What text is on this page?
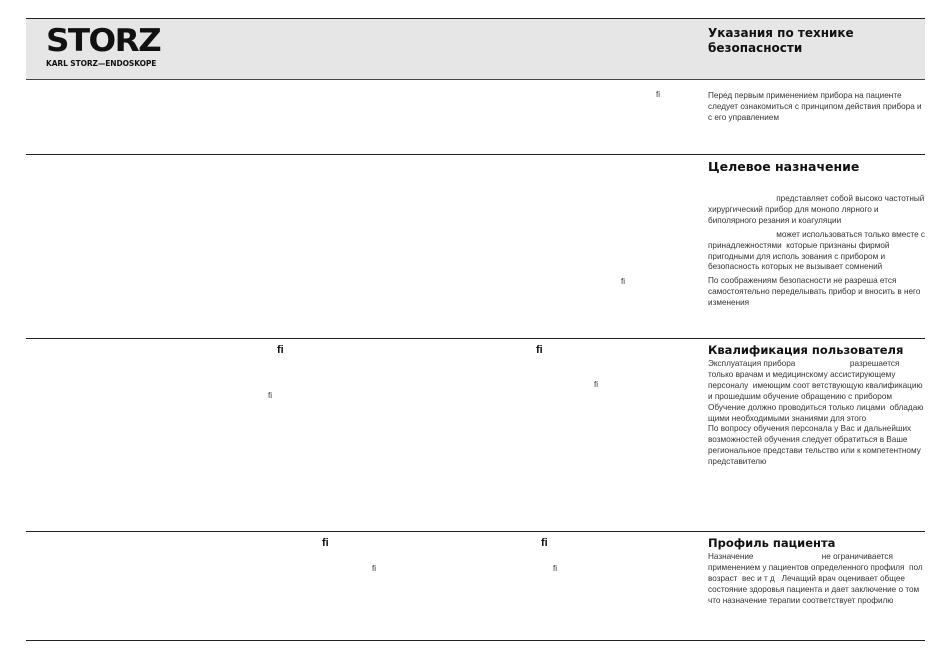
STORZ
KARL STORZ—ENDOSKOPE
Указания по технике безопасности

Перед первым применением прибора на пациенте следует ознакомиться с принципом действия прибора и с его управлением

fi
Целевое назначение

представляет собой высоко частотный хирургический прибор для монопо лярного и биполярного резания и коагуляции

может использоваться только вместе с принадлежностями  которые признаны фирмой                     пригодными для исполь зования с прибором и безопасность которых не вызывает сомнений

По соображениям безопасности не разреша ется самостоятельно переделывать прибор и вносить в него изменения

fi
Квалификация пользователя
fi	fi
fi
fi

Эксплуатация прибора                        разрешается только врачам и медицинскому ассистирующему персоналу  имеющим соот ветствующую квалификацию и прошедшим обучение обращению с прибором  Обучение должно проводиться только лицами  обладаю щими необходимыми знаниями для этого

По вопросу обучения персонала у Вас и дальнейших возможностей обучения следует обратиться в Ваше региональное представи тельство или к компетентному представителю

Профиль пациента
fi	fi
fi	fi

Назначение                              не ограничивается применением у пациентов определенного профиля  пол  возраст  вес и т д   Лечащий врач оценивает общее состояние здоровья пациента и дает заключение о том  что назначение терапии соответствует профилю
